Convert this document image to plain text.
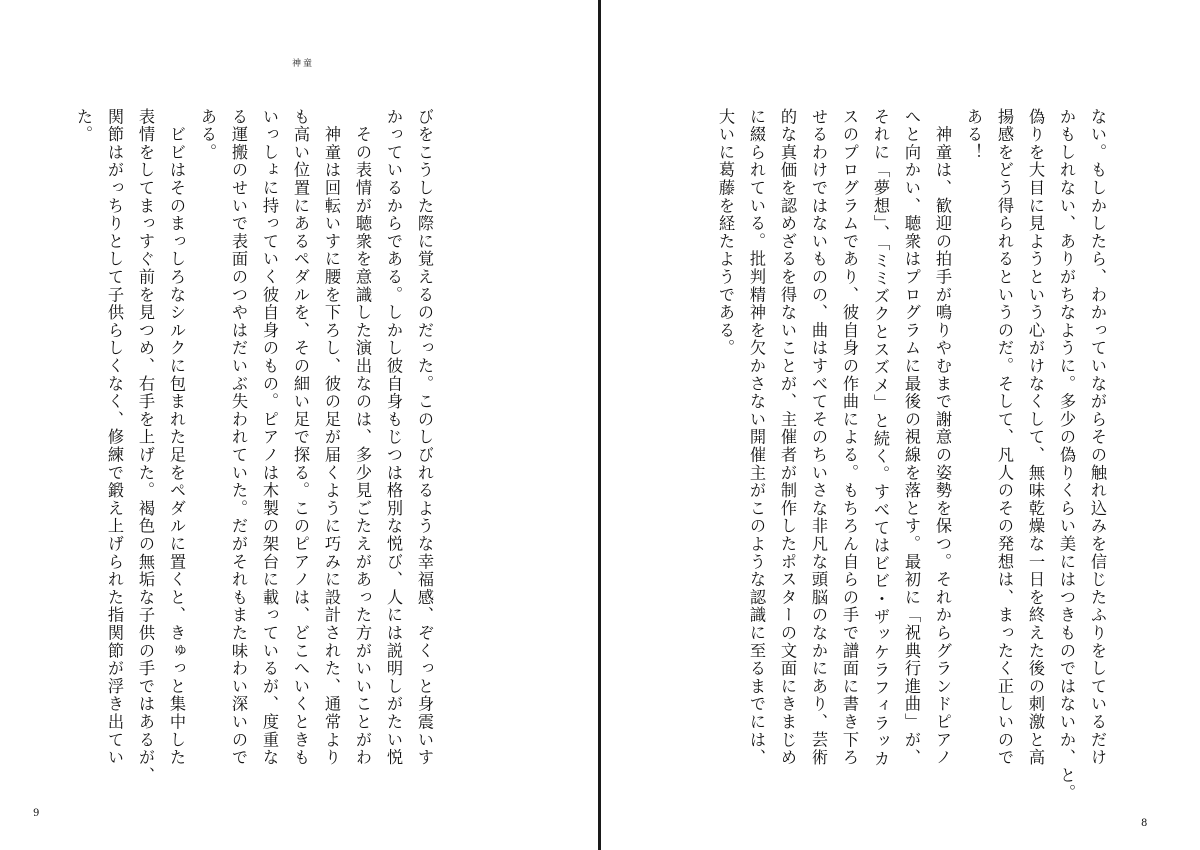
神童
びをこうした際に覚えるのだった。このしびれるような幸福感、ぞくっと身震いす
かっているからである。しかし彼自身もじつは格別な悦び、人には説明しがたい悦
　その表情が聴衆を意識した演出なのは、多少見ごたえがあった方がいいことがわ
　神童は回転いすに腰を下ろし、彼の足が届くように巧みに設計された、通常より
も高い位置にあるペダルを、その細い足で探る。このピアノは、どこへいくときも
いっしょに持っていく彼自身のもの。ピアノは木製の架台に載っているが、度重な
る運搬のせいで表面のつやはだいぶ失われていた。だがそれもまた味わい深いので
ある。
　ビビはそのまっしろなシルクに包まれた足をペダルに置くと、きゅっと集中した
表情をしてまっすぐ前を見つめ、右手を上げた。褐色の無垢な子供の手ではあるが、
関節はがっちりとして子供らしくなく、修練で鍛え上げられた指関節が浮き出てい
た。
9
ない。もしかしたら、わかっていながらその触れ込みを信じたふりをしているだけ
かもしれない、ありがちなように。多少の偽りくらい美にはつきものではないか、と。
偽りを大目に見ようという心がけなくして、無味乾燥な一日を終えた後の刺激と高
揚感をどう得られるというのだ。そして、凡人のその発想は、まったく正しいので
ある！
　神童は、歓迎の拍手が鳴りやむまで謝意の姿勢を保つ。それからグランドピアノ
へと向かい、聴衆はプログラムに最後の視線を落とす。最初に「祝典行進曲」が、
それに「夢想」、「ミミズクとスズメ」と続く。すべてはビビ・ザッケラフィラッカ
スのプログラムであり、彼自身の作曲による。もちろん自らの手で譜面に書き下ろ
せるわけではないものの、曲はすべてそのちいさな非凡な頭脳のなかにあり、芸術
的な真価を認めざるを得ないことが、主催者が制作したポスターの文面にきまじめ
に綴られている。批判精神を欠かさない開催主がこのような認識に至るまでには、
大いに葛藤を経たようである。
8
